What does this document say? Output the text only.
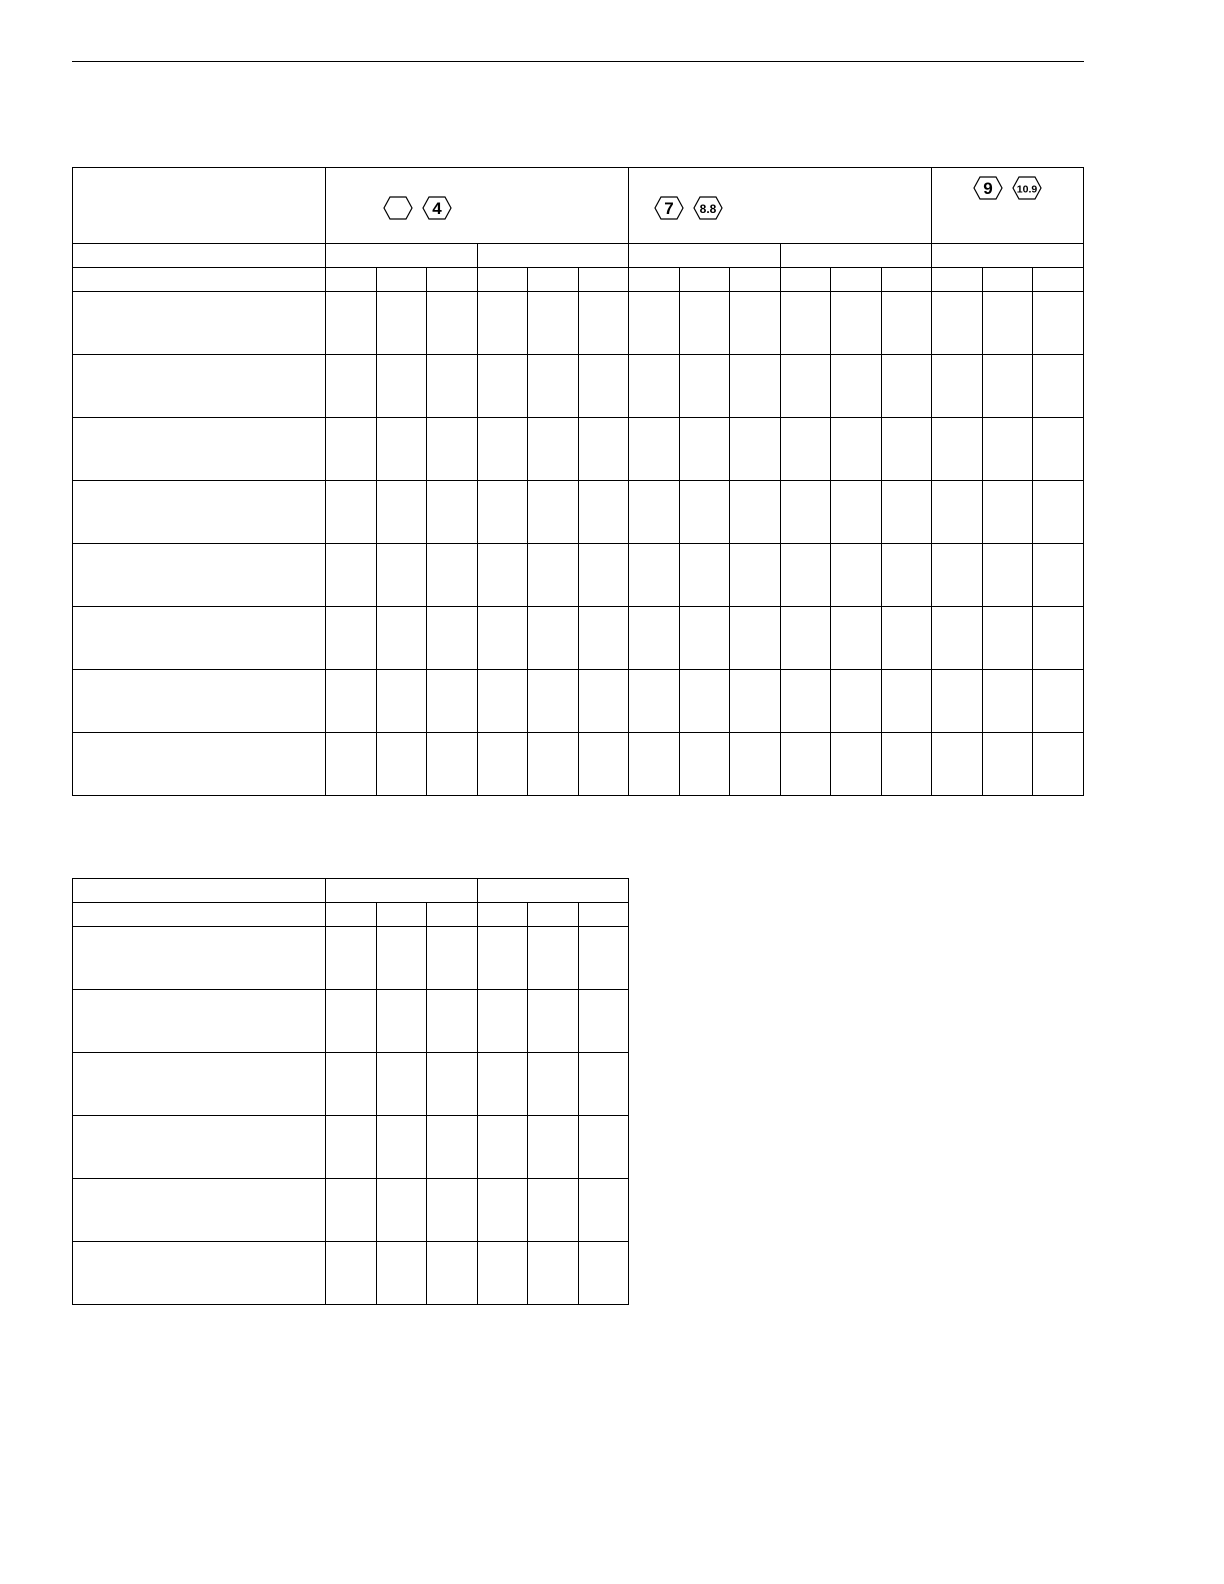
4						7 8.8						9 10.9		
